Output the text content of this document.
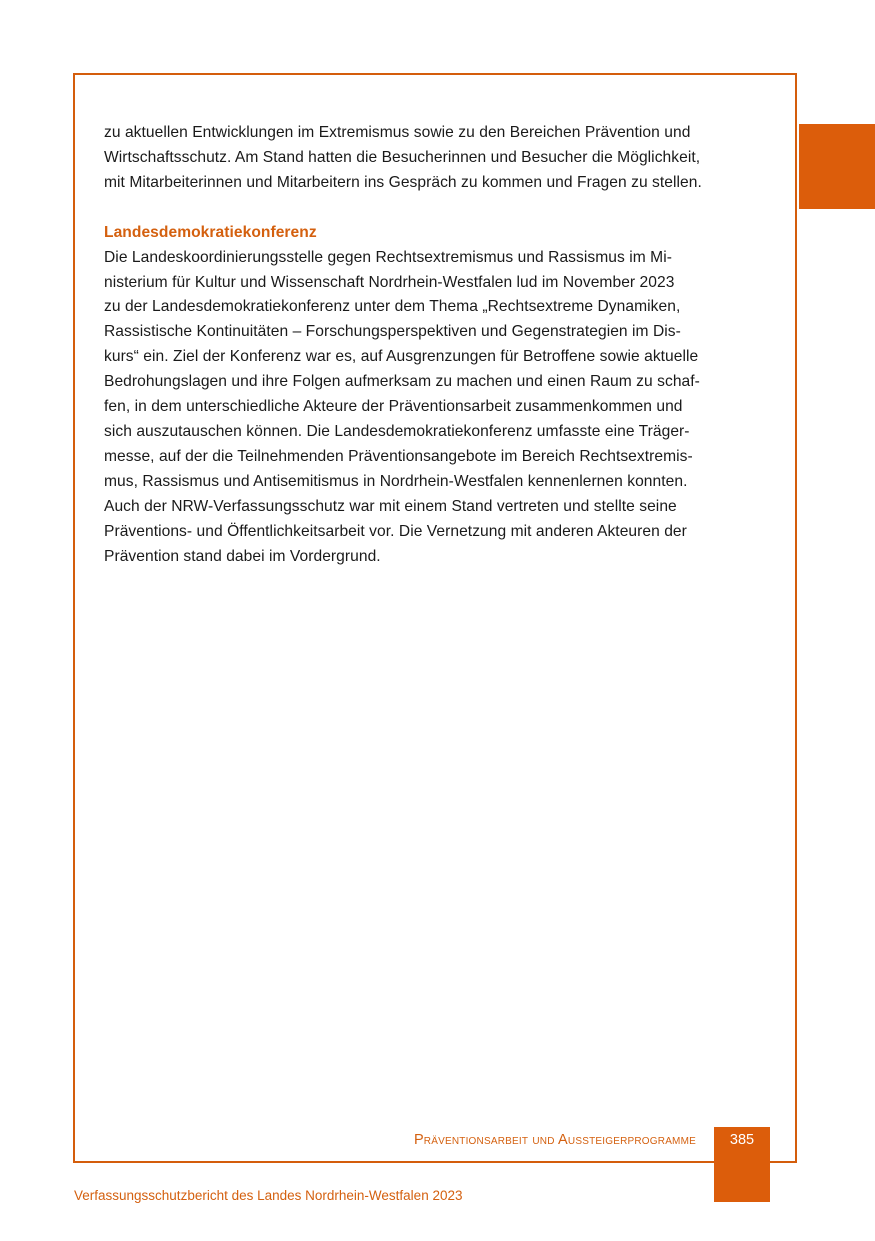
zu aktuellen Entwicklungen im Extremismus sowie zu den Bereichen Prävention und
Wirtschaftsschutz. Am Stand hatten die Besucherinnen und Besucher die Möglichkeit,
mit Mitarbeiterinnen und Mitarbeitern ins Gespräch zu kommen und Fragen zu stellen.

Landesdemokratiekonferenz

Die Landeskoordinierungsstelle gegen Rechtsextremismus und Rassismus im Mi-
nisterium für Kultur und Wissenschaft Nordrhein-Westfalen lud im November 2023
zu der Landesdemokratiekonferenz unter dem Thema „Rechtsextreme Dynamiken,
Rassistische Kontinuitäten – Forschungsperspektiven und Gegenstrategien im Dis-
kurs“ ein. Ziel der Konferenz war es, auf Ausgrenzungen für Betroffene sowie aktuelle
Bedrohungslagen und ihre Folgen aufmerksam zu machen und einen Raum zu schaf-
fen, in dem unterschiedliche Akteure der Präventionsarbeit zusammenkommen und
sich auszutauschen können. Die Landesdemokratiekonferenz umfasste eine Träger-
messe, auf der die Teilnehmenden Präventionsangebote im Bereich Rechtsextremis-
mus, Rassismus und Antisemitismus in Nordrhein-Westfalen kennenlernen konnten.
Auch der NRW-Verfassungsschutz war mit einem Stand vertreten und stellte seine
Präventions- und Öffentlichkeitsarbeit vor. Die Vernetzung mit anderen Akteuren der
Prävention stand dabei im Vordergrund.

Präventionsarbeit und Aussteigerprogramme	385
Verfassungsschutzbericht des Landes Nordrhein-Westfalen 2023
